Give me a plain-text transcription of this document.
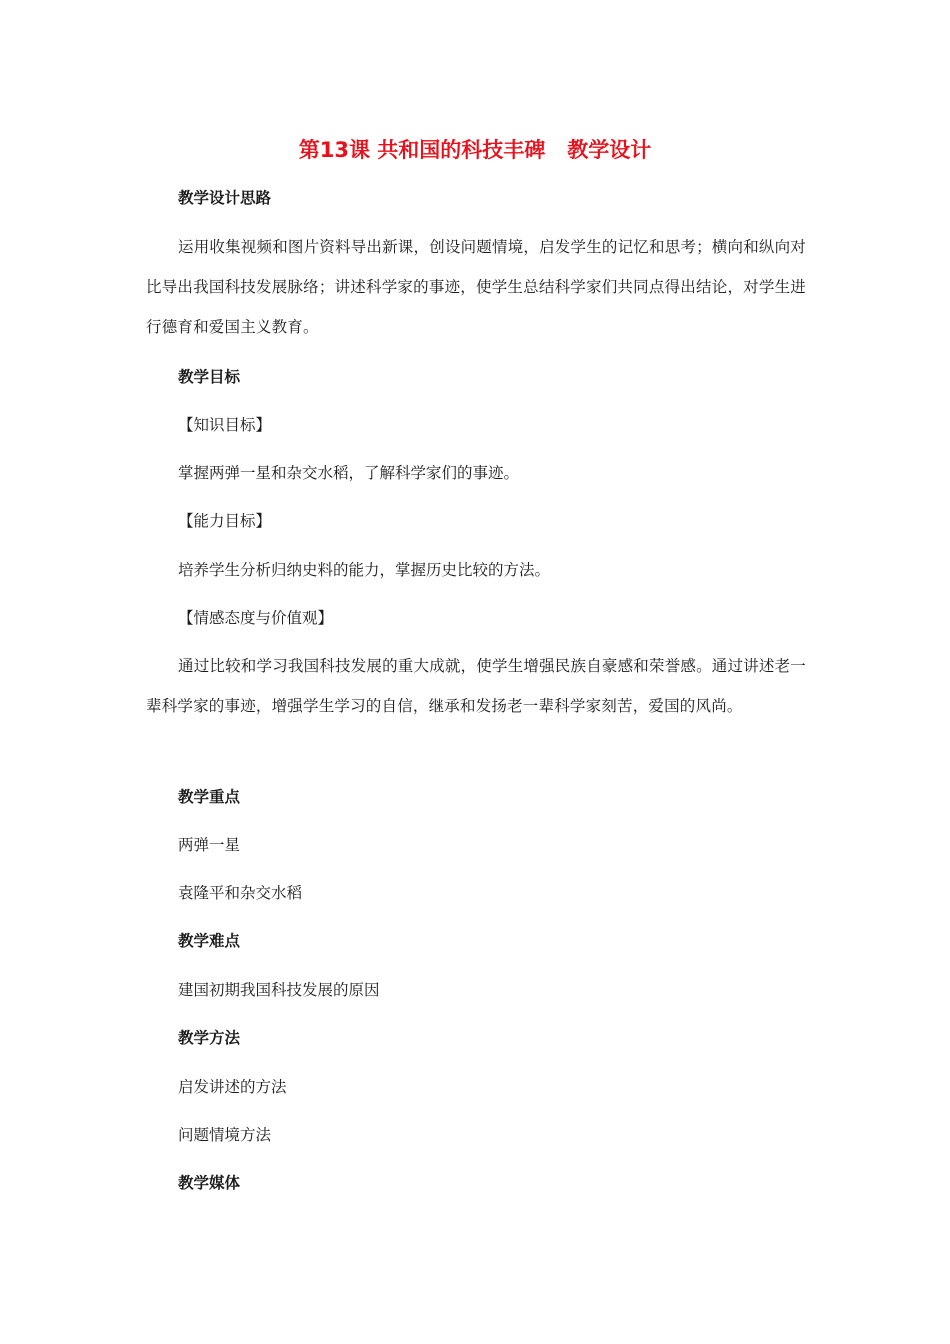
第13课 共和国的科技丰碑   教学设计
教学设计思路
运用收集视频和图片资料导出新课，创设问题情境，启发学生的记忆和思考；横向和纵向对比导出我国科技发展脉络；讲述科学家的事迹，使学生总结科学家们共同点得出结论，对学生进行德育和爱国主义教育。
教学目标
【知识目标】
掌握两弹一星和杂交水稻，了解科学家们的事迹。
【能力目标】
培养学生分析归纳史料的能力，掌握历史比较的方法。
【情感态度与价值观】
通过比较和学习我国科技发展的重大成就，使学生增强民族自豪感和荣誉感。通过讲述老一辈科学家的事迹，增强学生学习的自信，继承和发扬老一辈科学家刻苦，爱国的风尚。
教学重点
两弹一星
袁隆平和杂交水稻
教学难点
建国初期我国科技发展的原因
教学方法
启发讲述的方法
问题情境方法
教学媒体
